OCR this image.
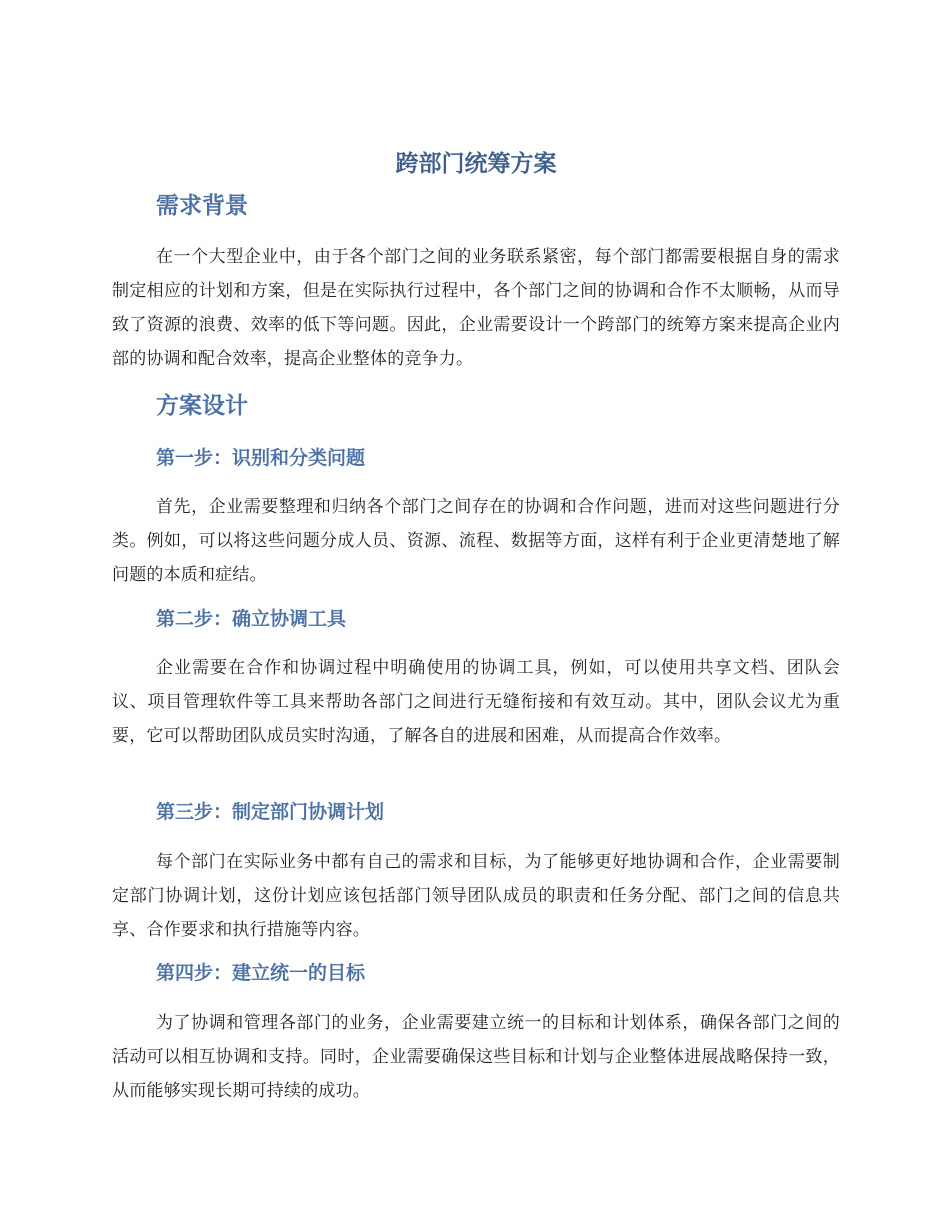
跨部门统筹方案
需求背景

在一个大型企业中，由于各个部门之间的业务联系紧密，每个部门都需要根据自身的需求制定相应的计划和方案，但是在实际执行过程中，各个部门之间的协调和合作不太顺畅，从而导致了资源的浪费、效率的低下等问题。因此，企业需要设计一个跨部门的统筹方案来提高企业内部的协调和配合效率，提高企业整体的竞争力。

方案设计
第一步：识别和分类问题

首先，企业需要整理和归纳各个部门之间存在的协调和合作问题，进而对这些问题进行分类。例如，可以将这些问题分成人员、资源、流程、数据等方面，这样有利于企业更清楚地了解问题的本质和症结。

第二步：确立协调工具

企业需要在合作和协调过程中明确使用的协调工具，例如，可以使用共享文档、团队会议、项目管理软件等工具来帮助各部门之间进行无缝衔接和有效互动。其中，团队会议尤为重要，它可以帮助团队成员实时沟通，了解各自的进展和困难，从而提高合作效率。

第三步：制定部门协调计划

每个部门在实际业务中都有自己的需求和目标，为了能够更好地协调和合作，企业需要制定部门协调计划，这份计划应该包括部门领导团队成员的职责和任务分配、部门之间的信息共享、合作要求和执行措施等内容。

第四步：建立统一的目标

为了协调和管理各部门的业务，企业需要建立统一的目标和计划体系，确保各部门之间的活动可以相互协调和支持。同时，企业需要确保这些目标和计划与企业整体进展战略保持一致，从而能够实现长期可持续的成功。
